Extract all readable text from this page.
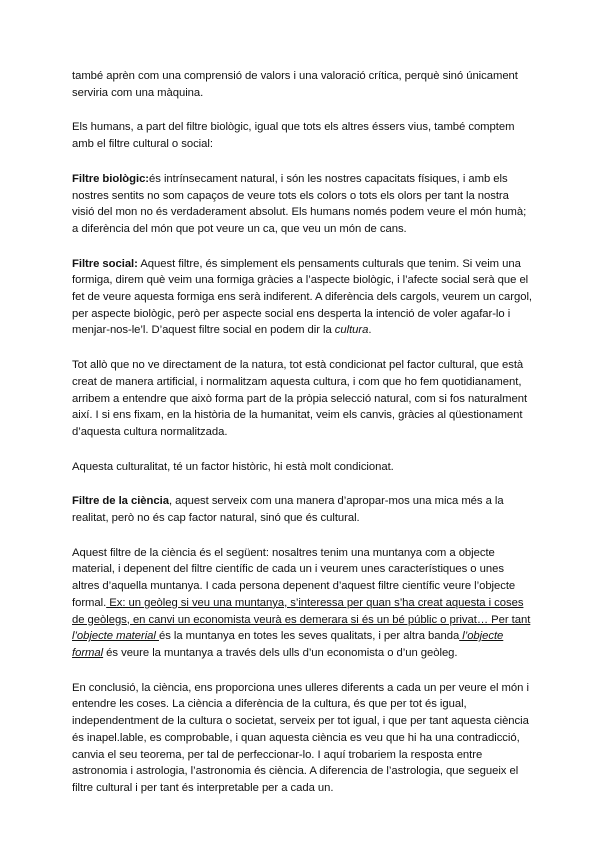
també aprèn com una comprensió de valors i una valoració crítica, perquè sinó únicament serviria com una màquina.

Els humans, a part del filtre biològic, igual que tots els altres éssers vius, també comptem amb el filtre cultural o social:

Filtre biològic:és intrínsecament natural, i són les nostres capacitats físiques, i amb els nostres sentits no som capaços de veure tots els colors o tots els olors per tant la nostra visió del mon no és verdaderament absolut. Els humans només podem veure el món humà; a diferència del món que pot veure un ca, que veu un món de cans.

Filtre social: Aquest filtre, és simplement els pensaments culturals que tenim. Si veim una formiga, direm què veim una formiga gràcies a l’aspecte biològic, i l’afecte social serà que el fet de veure aquesta formiga ens serà indiferent. A diferència dels cargols, veurem un cargol, per aspecte biològic, però per aspecte social ens desperta la intenció de voler agafar-lo i menjar-nos-le’l. D’aquest filtre social en podem dir la cultura.

Tot allò que no ve directament de la natura, tot està condicionat pel factor cultural, que està creat de manera artificial, i normalitzam aquesta cultura, i com que ho fem quotidianament, arribem a entendre que això forma part de la pròpia selecció natural, com si fos naturalment així. I si ens fixam, en la història de la humanitat, veim els canvis, gràcies al qüestionament d’aquesta cultura normalitzada.

Aquesta culturalitat, té un factor històric, hi està molt condicionat.

Filtre de la ciència, aquest serveix com una manera d’apropar-mos una mica més a la realitat, però no és cap factor natural, sinó que és cultural.

Aquest filtre de la ciència és el següent: nosaltres tenim una muntanya com a objecte material, i depenent del filtre científic de cada un i veurem unes característiques o unes altres d’aquella muntanya. I cada persona depenent d’aquest filtre científic veure l’objecte formal. Ex: un geòleg si veu una muntanya, s’interessa per quan s’ha creat aquesta i coses de geòlegs, en canvi un economista veurà es demerara si és un bé públic o privat… Per tant l’objecte material és la muntanya en totes les seves qualitats, i per altra banda l’objecte formal és veure la muntanya a través dels ulls d’un economista o d’un geòleg.

En conclusió, la ciència, ens proporciona unes ulleres diferents a cada un per veure el món i entendre les coses. La ciència a diferència de la cultura, és que per tot és igual, independentment de la cultura o societat, serveix per tot igual, i que per tant aquesta ciència és inapel.lable, es comprobable, i quan aquesta ciència es veu que hi ha una contradicció, canvia el seu teorema, per tal de perfeccionar-lo. I aquí trobariem la resposta entre astronomia i astrologia, l’astronomia és ciència. A diferencia de l’astrologia, que segueix el filtre cultural i per tant és interpretable per a cada un.
